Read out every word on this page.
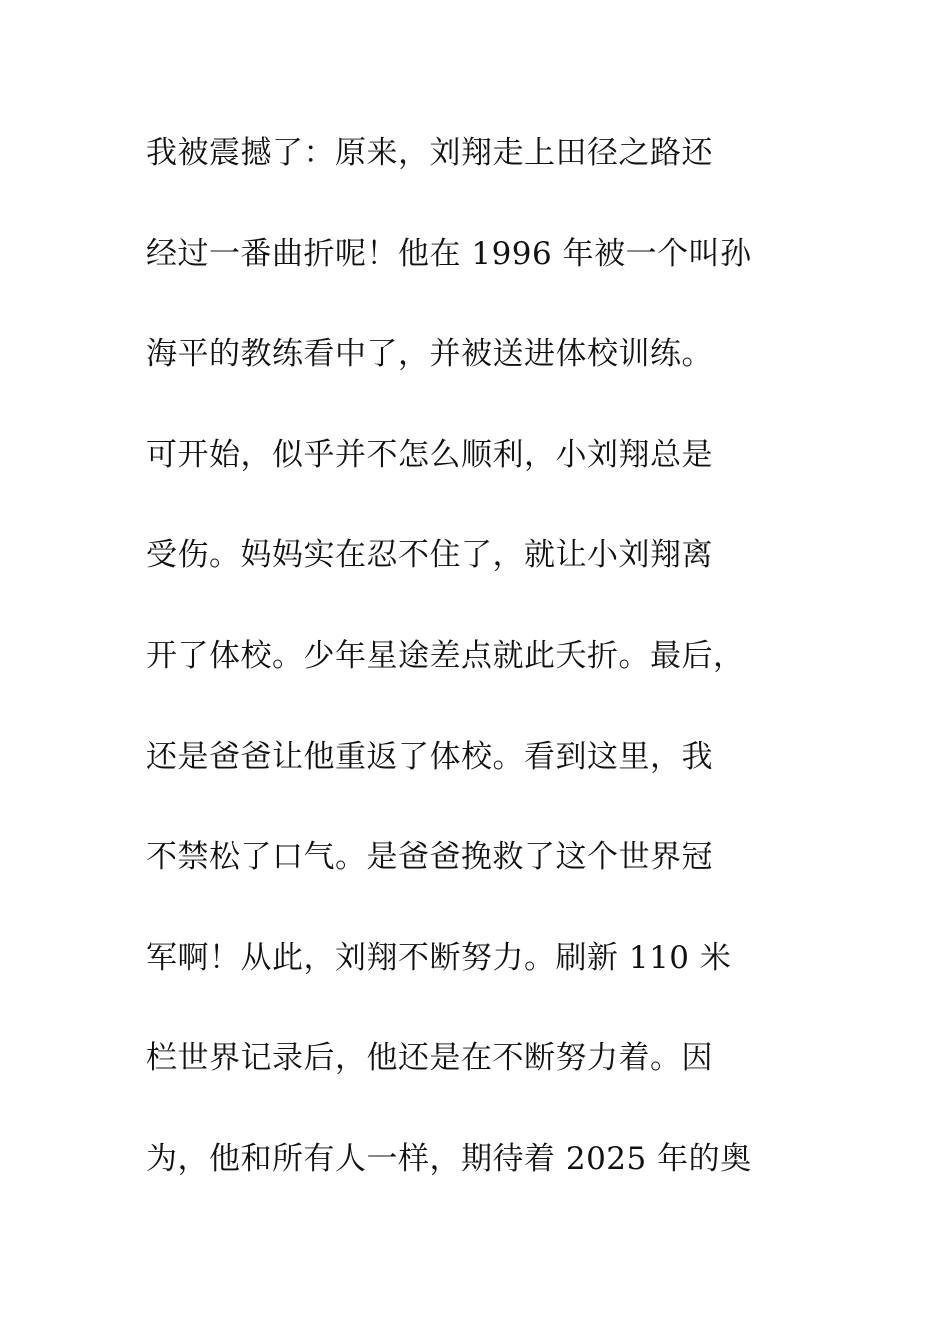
我被震撼了：原来，刘翔走上田径之路还
经过一番曲折呢！他在 1996 年被一个叫孙
海平的教练看中了，并被送进体校训练。
可开始，似乎并不怎么顺利，小刘翔总是
受伤。妈妈实在忍不住了，就让小刘翔离
开了体校。少年星途差点就此夭折。最后，
还是爸爸让他重返了体校。看到这里，我
不禁松了口气。是爸爸挽救了这个世界冠
军啊！从此，刘翔不断努力。刷新 110 米
栏世界记录后，他还是在不断努力着。因
为，他和所有人一样，期待着 2025 年的奥
